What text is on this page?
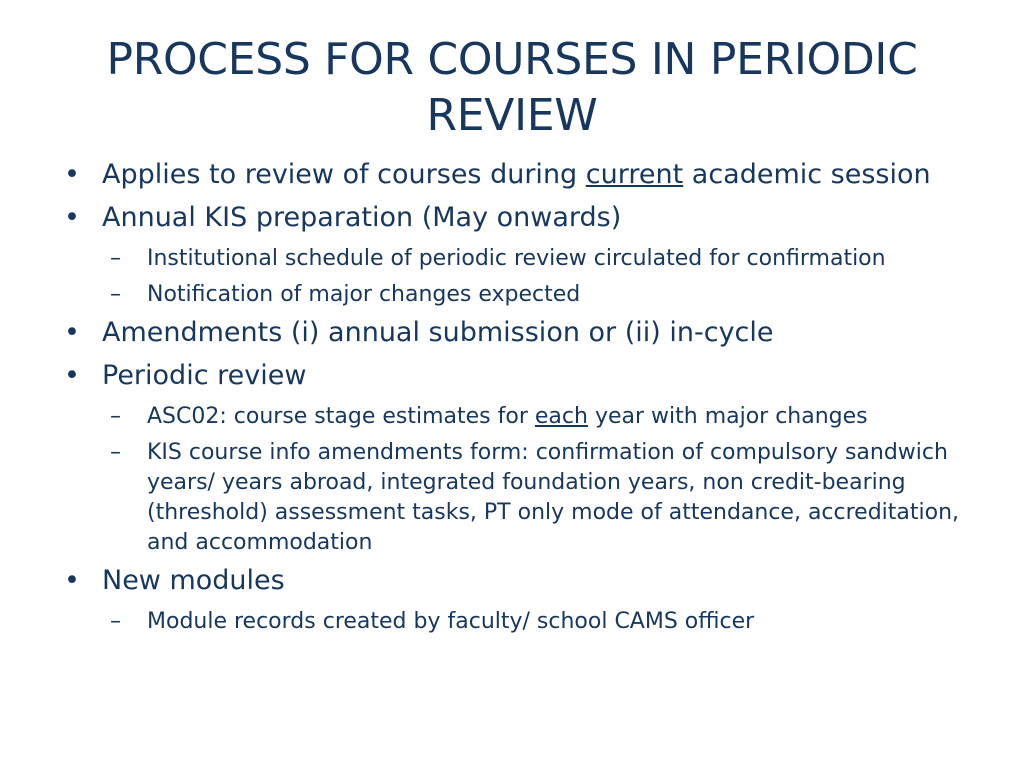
PROCESS FOR COURSES IN PERIODIC REVIEW
• Applies to review of courses during current academic session
• Annual KIS preparation (May onwards)
–	Institutional schedule of periodic review circulated for confirmation
–	Notification of major changes expected
• Amendments (i) annual submission or (ii) in-cycle
• Periodic review
–	ASC02: course stage estimates for each year with major changes
–	KIS course info amendments form: confirmation of compulsory sandwich years/ years abroad, integrated foundation years, non credit-bearing (threshold) assessment tasks, PT only mode of attendance, accreditation, and accommodation
• New modules
–	Module records created by faculty/ school CAMS officer
